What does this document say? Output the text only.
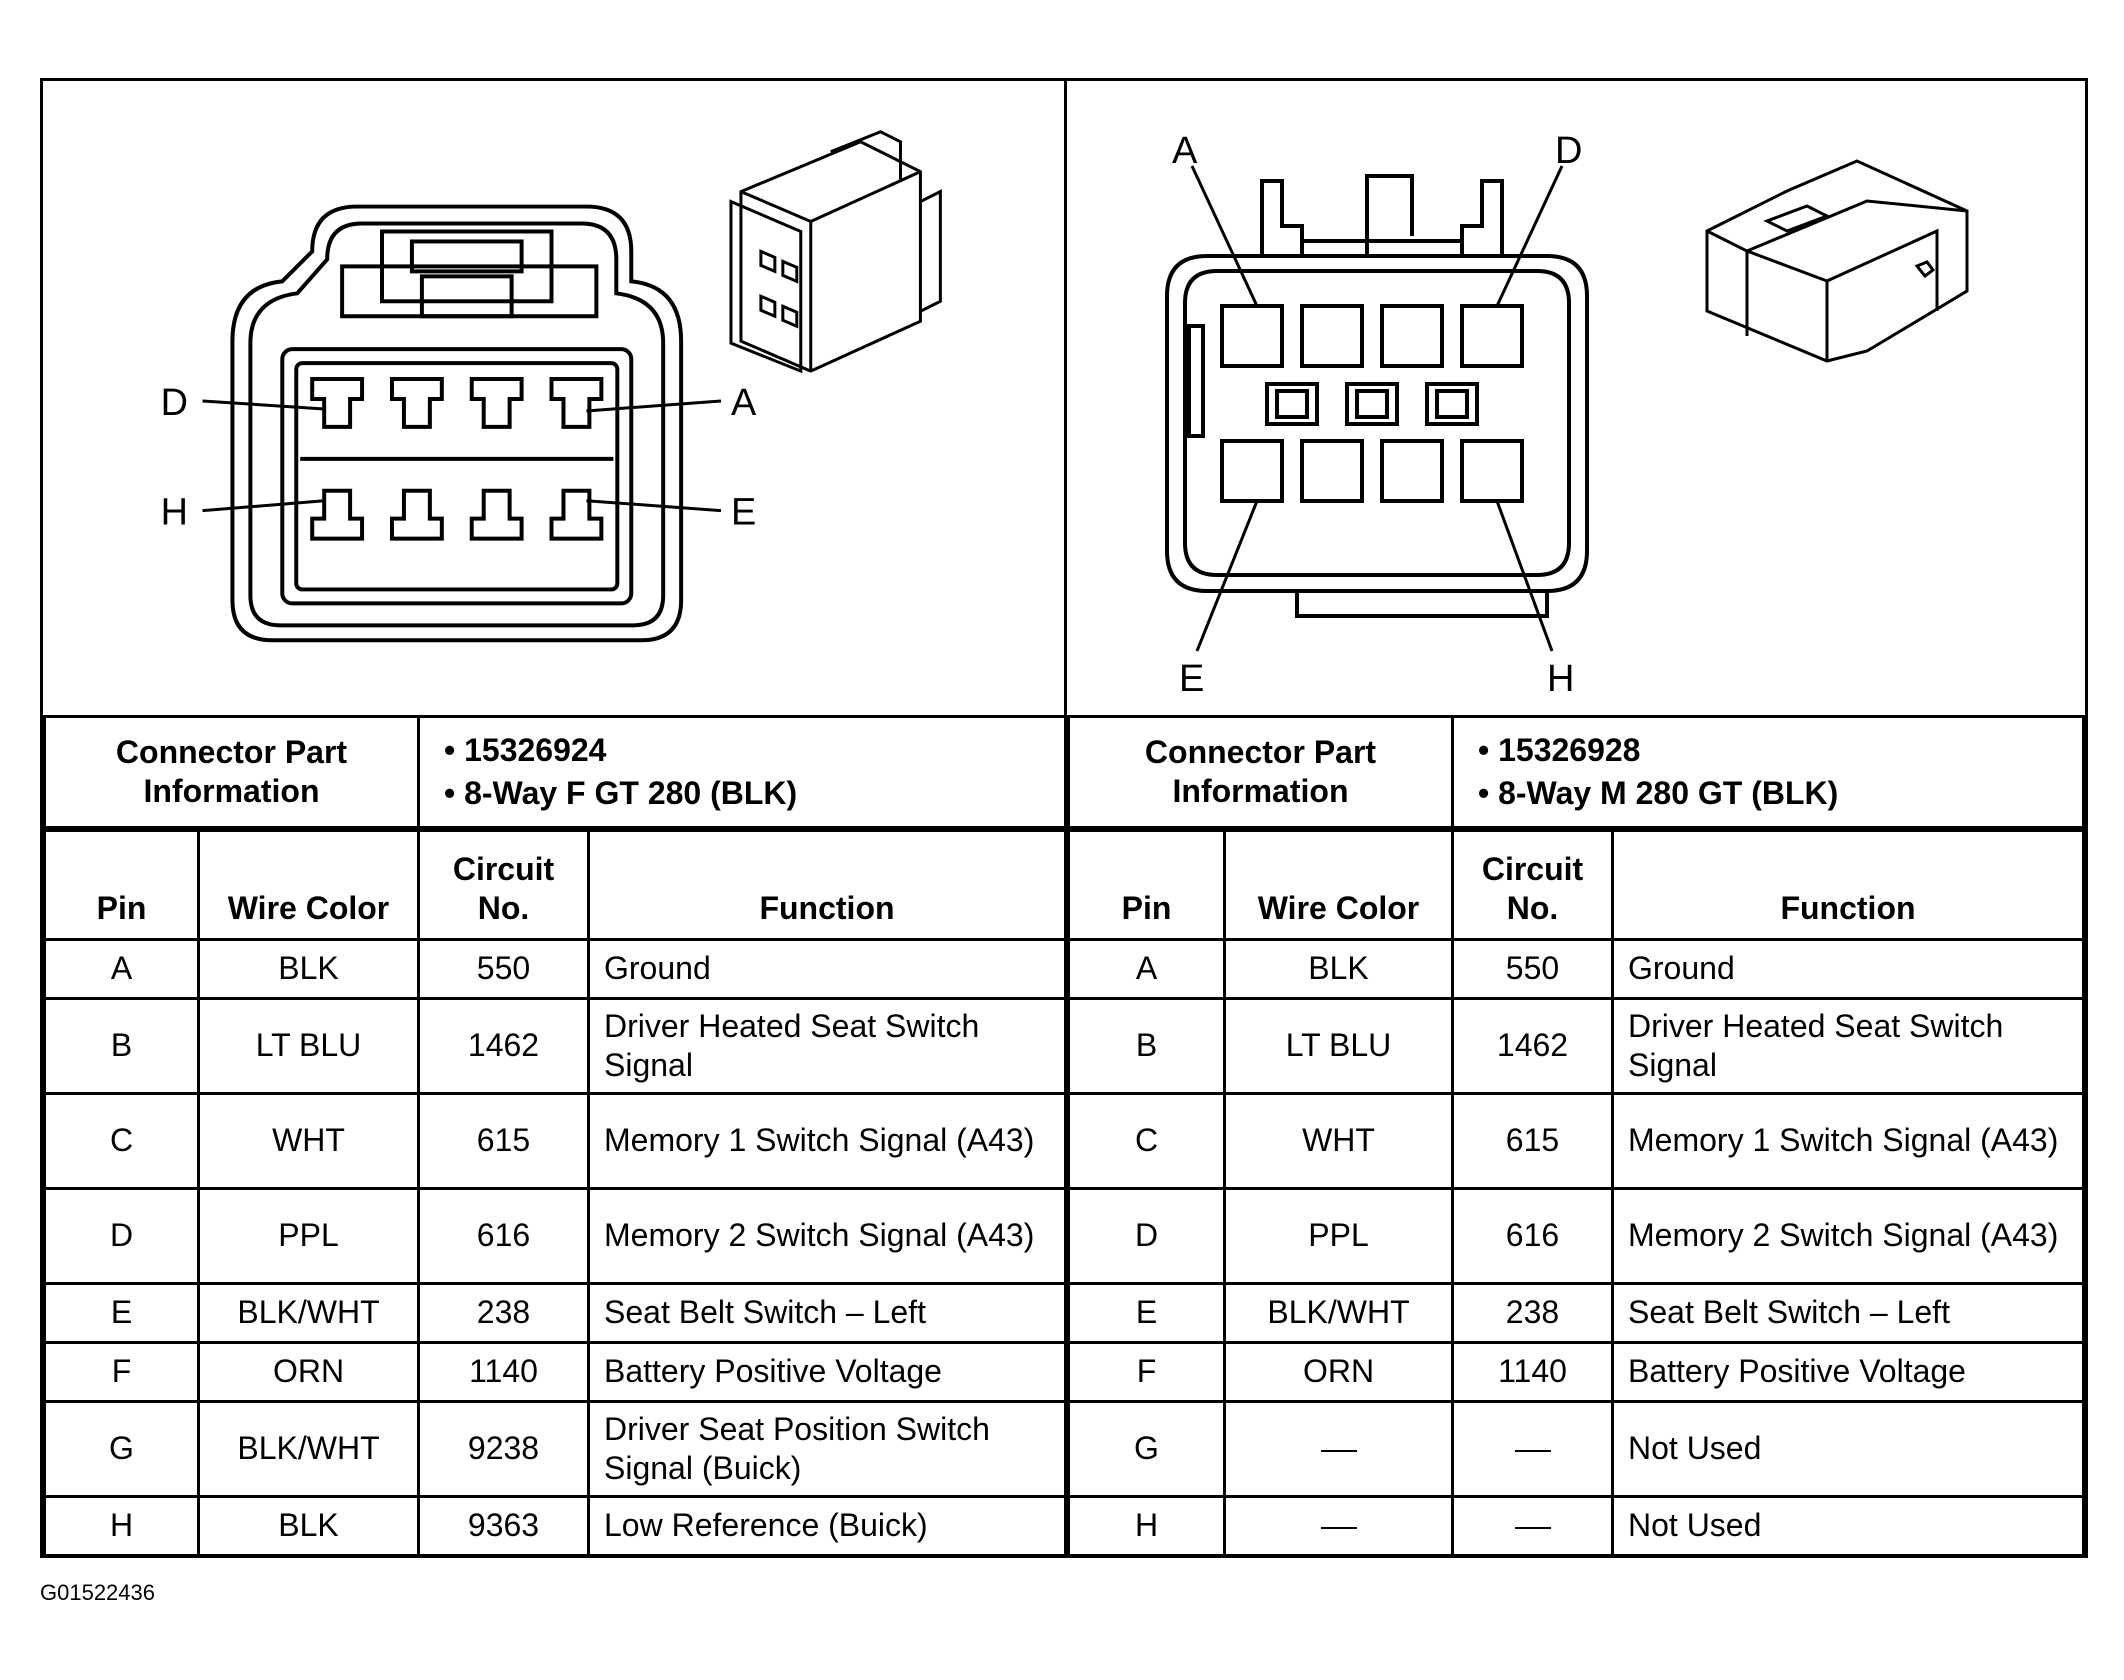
D	A
H	E
A	D
E	H
Connector Part Information	
• 15326924
• 8-Way F GT 280 (BLK)
Pin	Wire Color	Circuit No.	Function
A	BLK	550	Ground
B	LT BLU	1462	Driver Heated Seat Switch Signal
C	WHT	615	Memory 1 Switch Signal (A43)
D	PPL	616	Memory 2 Switch Signal (A43)
E	BLK/WHT	238	Seat Belt Switch – Left
F	ORN	1140	Battery Positive Voltage
G	BLK/WHT	9238	Driver Seat Position Switch Signal (Buick)
H	BLK	9363	Low Reference (Buick)
Connector Part Information	
• 15326928
• 8-Way M 280 GT (BLK)
Pin	Wire Color	Circuit No.	Function
A	BLK	550	Ground
B	LT BLU	1462	Driver Heated Seat Switch Signal
C	WHT	615	Memory 1 Switch Signal (A43)
D	PPL	616	Memory 2 Switch Signal (A43)
E	BLK/WHT	238	Seat Belt Switch – Left
F	ORN	1140	Battery Positive Voltage
G			Not Used
H			Not Used
G01522436
